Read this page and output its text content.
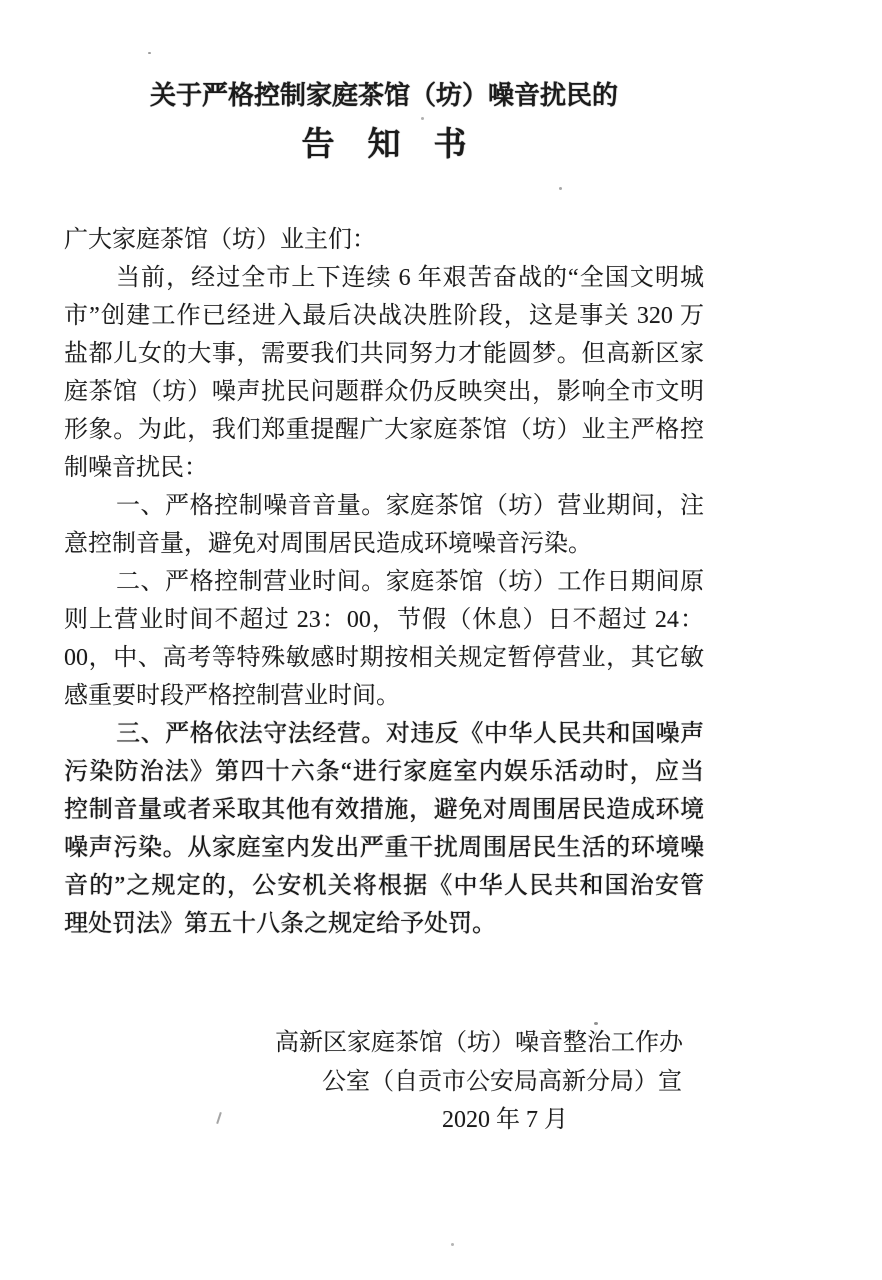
关于严格控制家庭茶馆（坊）噪音扰民的
告　知　书
广大家庭茶馆（坊）业主们：
当前，经过全市上下连续 6 年艰苦奋战的“全国文明城
市”创建工作已经进入最后决战决胜阶段，这是事关 320 万
盐都儿女的大事，需要我们共同努力才能圆梦。但高新区家
庭茶馆（坊）噪声扰民问题群众仍反映突出，影响全市文明
形象。为此，我们郑重提醒广大家庭茶馆（坊）业主严格控
制噪音扰民：
一、严格控制噪音音量。家庭茶馆（坊）营业期间，注
意控制音量，避免对周围居民造成环境噪音污染。
二、严格控制营业时间。家庭茶馆（坊）工作日期间原
则上营业时间不超过 23：00，节假（休息）日不超过 24：
00，中、高考等特殊敏感时期按相关规定暂停营业，其它敏
感重要时段严格控制营业时间。
三、严格依法守法经营。对违反《中华人民共和国噪声
污染防治法》第四十六条“进行家庭室内娱乐活动时，应当
控制音量或者采取其他有效措施，避免对周围居民造成环境
噪声污染。从家庭室内发出严重干扰周围居民生活的环境噪
音的”之规定的，公安机关将根据《中华人民共和国治安管
理处罚法》第五十八条之规定给予处罚。
高新区家庭茶馆（坊）噪音整治工作办
公室（自贡市公安局高新分局）宣
2020 年 7 月
